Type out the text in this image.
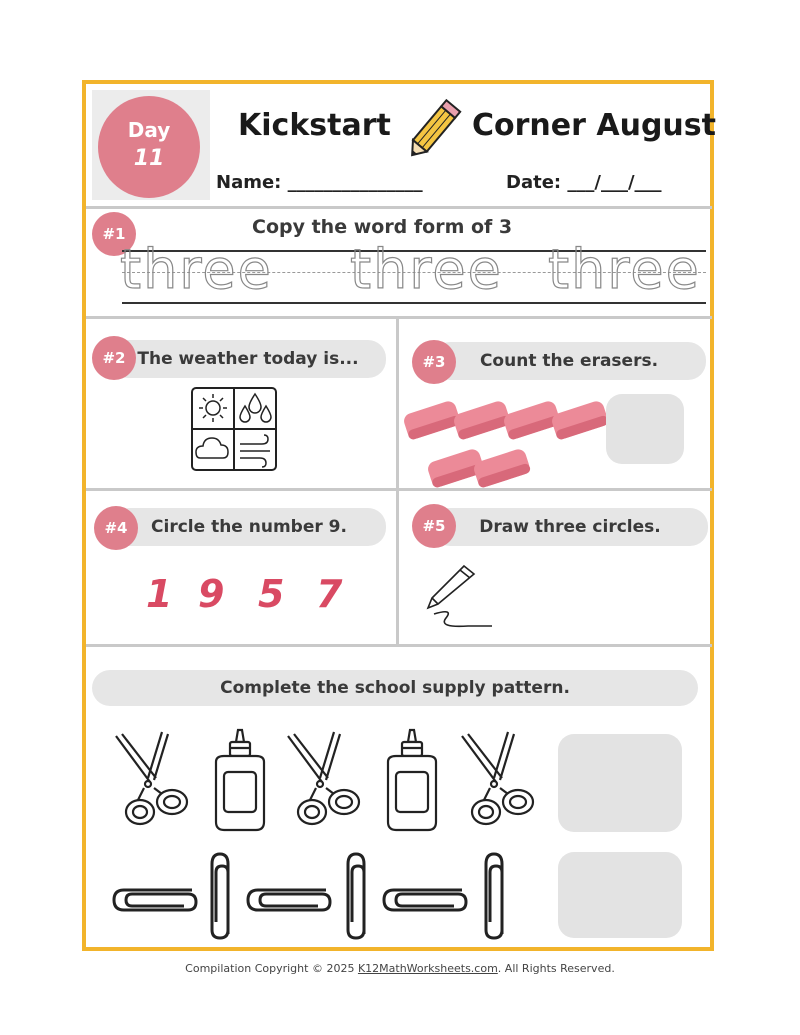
Day
11
Kickstart	Corner August
Name: _______________	Date: ___/___/___
#1	Copy the word form of 3
three three three
The weather today is...
#2	Count the erasers.
#3
Circle the number 9.
#4
1 9 5 7
Draw three circles.
#5
Complete the school supply pattern.
Compilation Copyright © 2025 K12MathWorksheets.com. All Rights Reserved.
